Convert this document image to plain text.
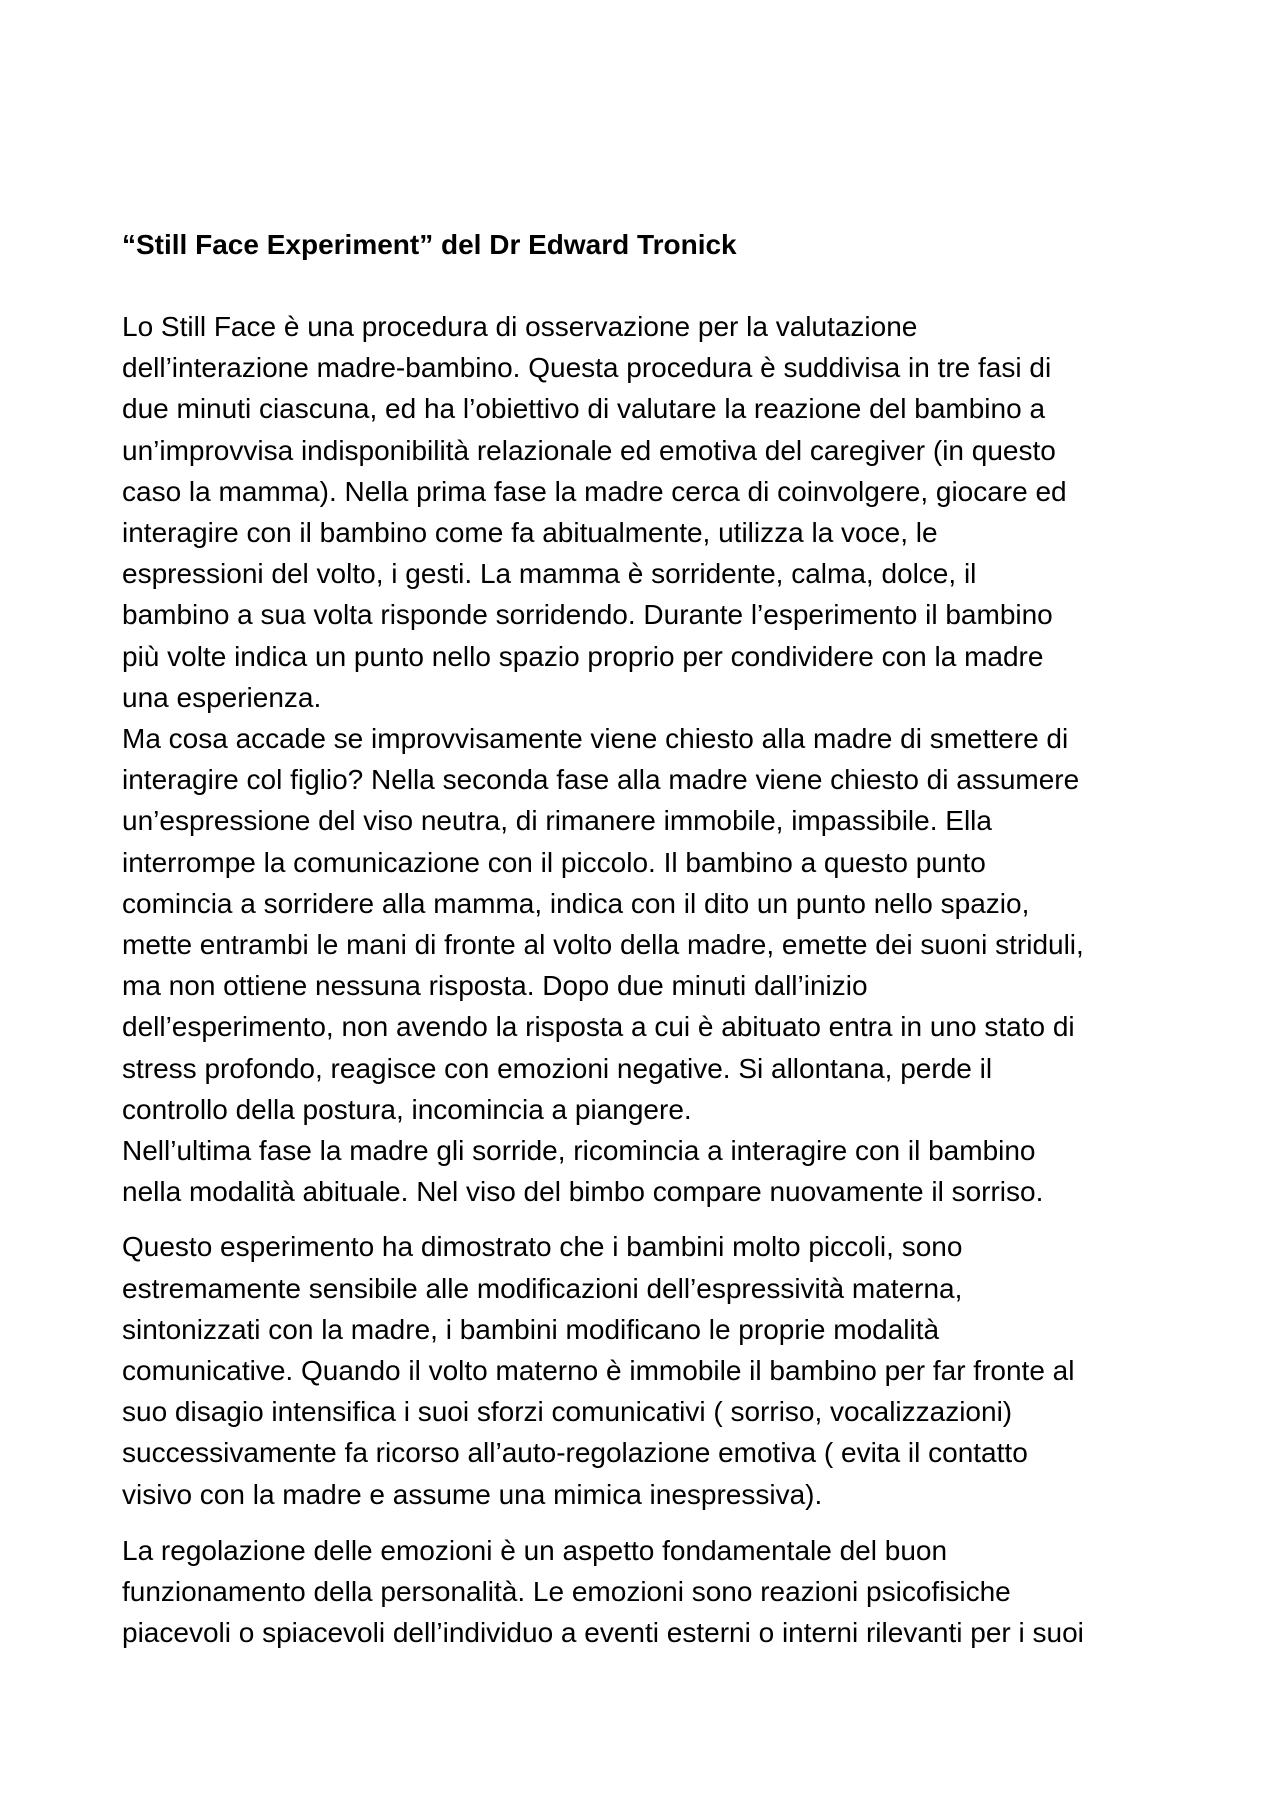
“Still Face Experiment” del Dr Edward Tronick

Lo Still Face è una procedura di osservazione per la valutazione
dell’interazione madre-bambino. Questa procedura è suddivisa in tre fasi di
due minuti ciascuna, ed ha l’obiettivo di valutare la reazione del bambino a
un’improvvisa indisponibilità relazionale ed emotiva del caregiver (in questo
caso la mamma). Nella prima fase la madre cerca di coinvolgere, giocare ed
interagire con il bambino come fa abitualmente, utilizza la voce, le
espressioni del volto, i gesti. La mamma è sorridente, calma, dolce, il
bambino a sua volta risponde sorridendo. Durante l’esperimento il bambino
più volte indica un punto nello spazio proprio per condividere con la madre
una esperienza.
Ma cosa accade se improvvisamente viene chiesto alla madre di smettere di
interagire col figlio? Nella seconda fase alla madre viene chiesto di assumere
un’espressione del viso neutra, di rimanere immobile, impassibile. Ella
interrompe la comunicazione con il piccolo. Il bambino a questo punto
comincia a sorridere alla mamma, indica con il dito un punto nello spazio,
mette entrambi le mani di fronte al volto della madre, emette dei suoni striduli,
ma non ottiene nessuna risposta. Dopo due minuti dall’inizio
dell’esperimento, non avendo la risposta a cui è abituato entra in uno stato di
stress profondo, reagisce con emozioni negative. Si allontana, perde il
controllo della postura, incomincia a piangere.
Nell’ultima fase la madre gli sorride, ricomincia a interagire con il bambino
nella modalità abituale. Nel viso del bimbo compare nuovamente il sorriso.

Questo esperimento ha dimostrato che i bambini molto piccoli, sono
estremamente sensibile alle modificazioni dell’espressività materna,
sintonizzati con la madre, i bambini modificano le proprie modalità
comunicative. Quando il volto materno è immobile il bambino per far fronte al
suo disagio intensifica i suoi sforzi comunicativi ( sorriso, vocalizzazioni)
successivamente fa ricorso all’auto-regolazione emotiva ( evita il contatto
visivo con la madre e assume una mimica inespressiva).

La regolazione delle emozioni è un aspetto fondamentale del buon
funzionamento della personalità. Le emozioni sono reazioni psicofisiche
piacevoli o spiacevoli dell’individuo a eventi esterni o interni rilevanti per i suoi
